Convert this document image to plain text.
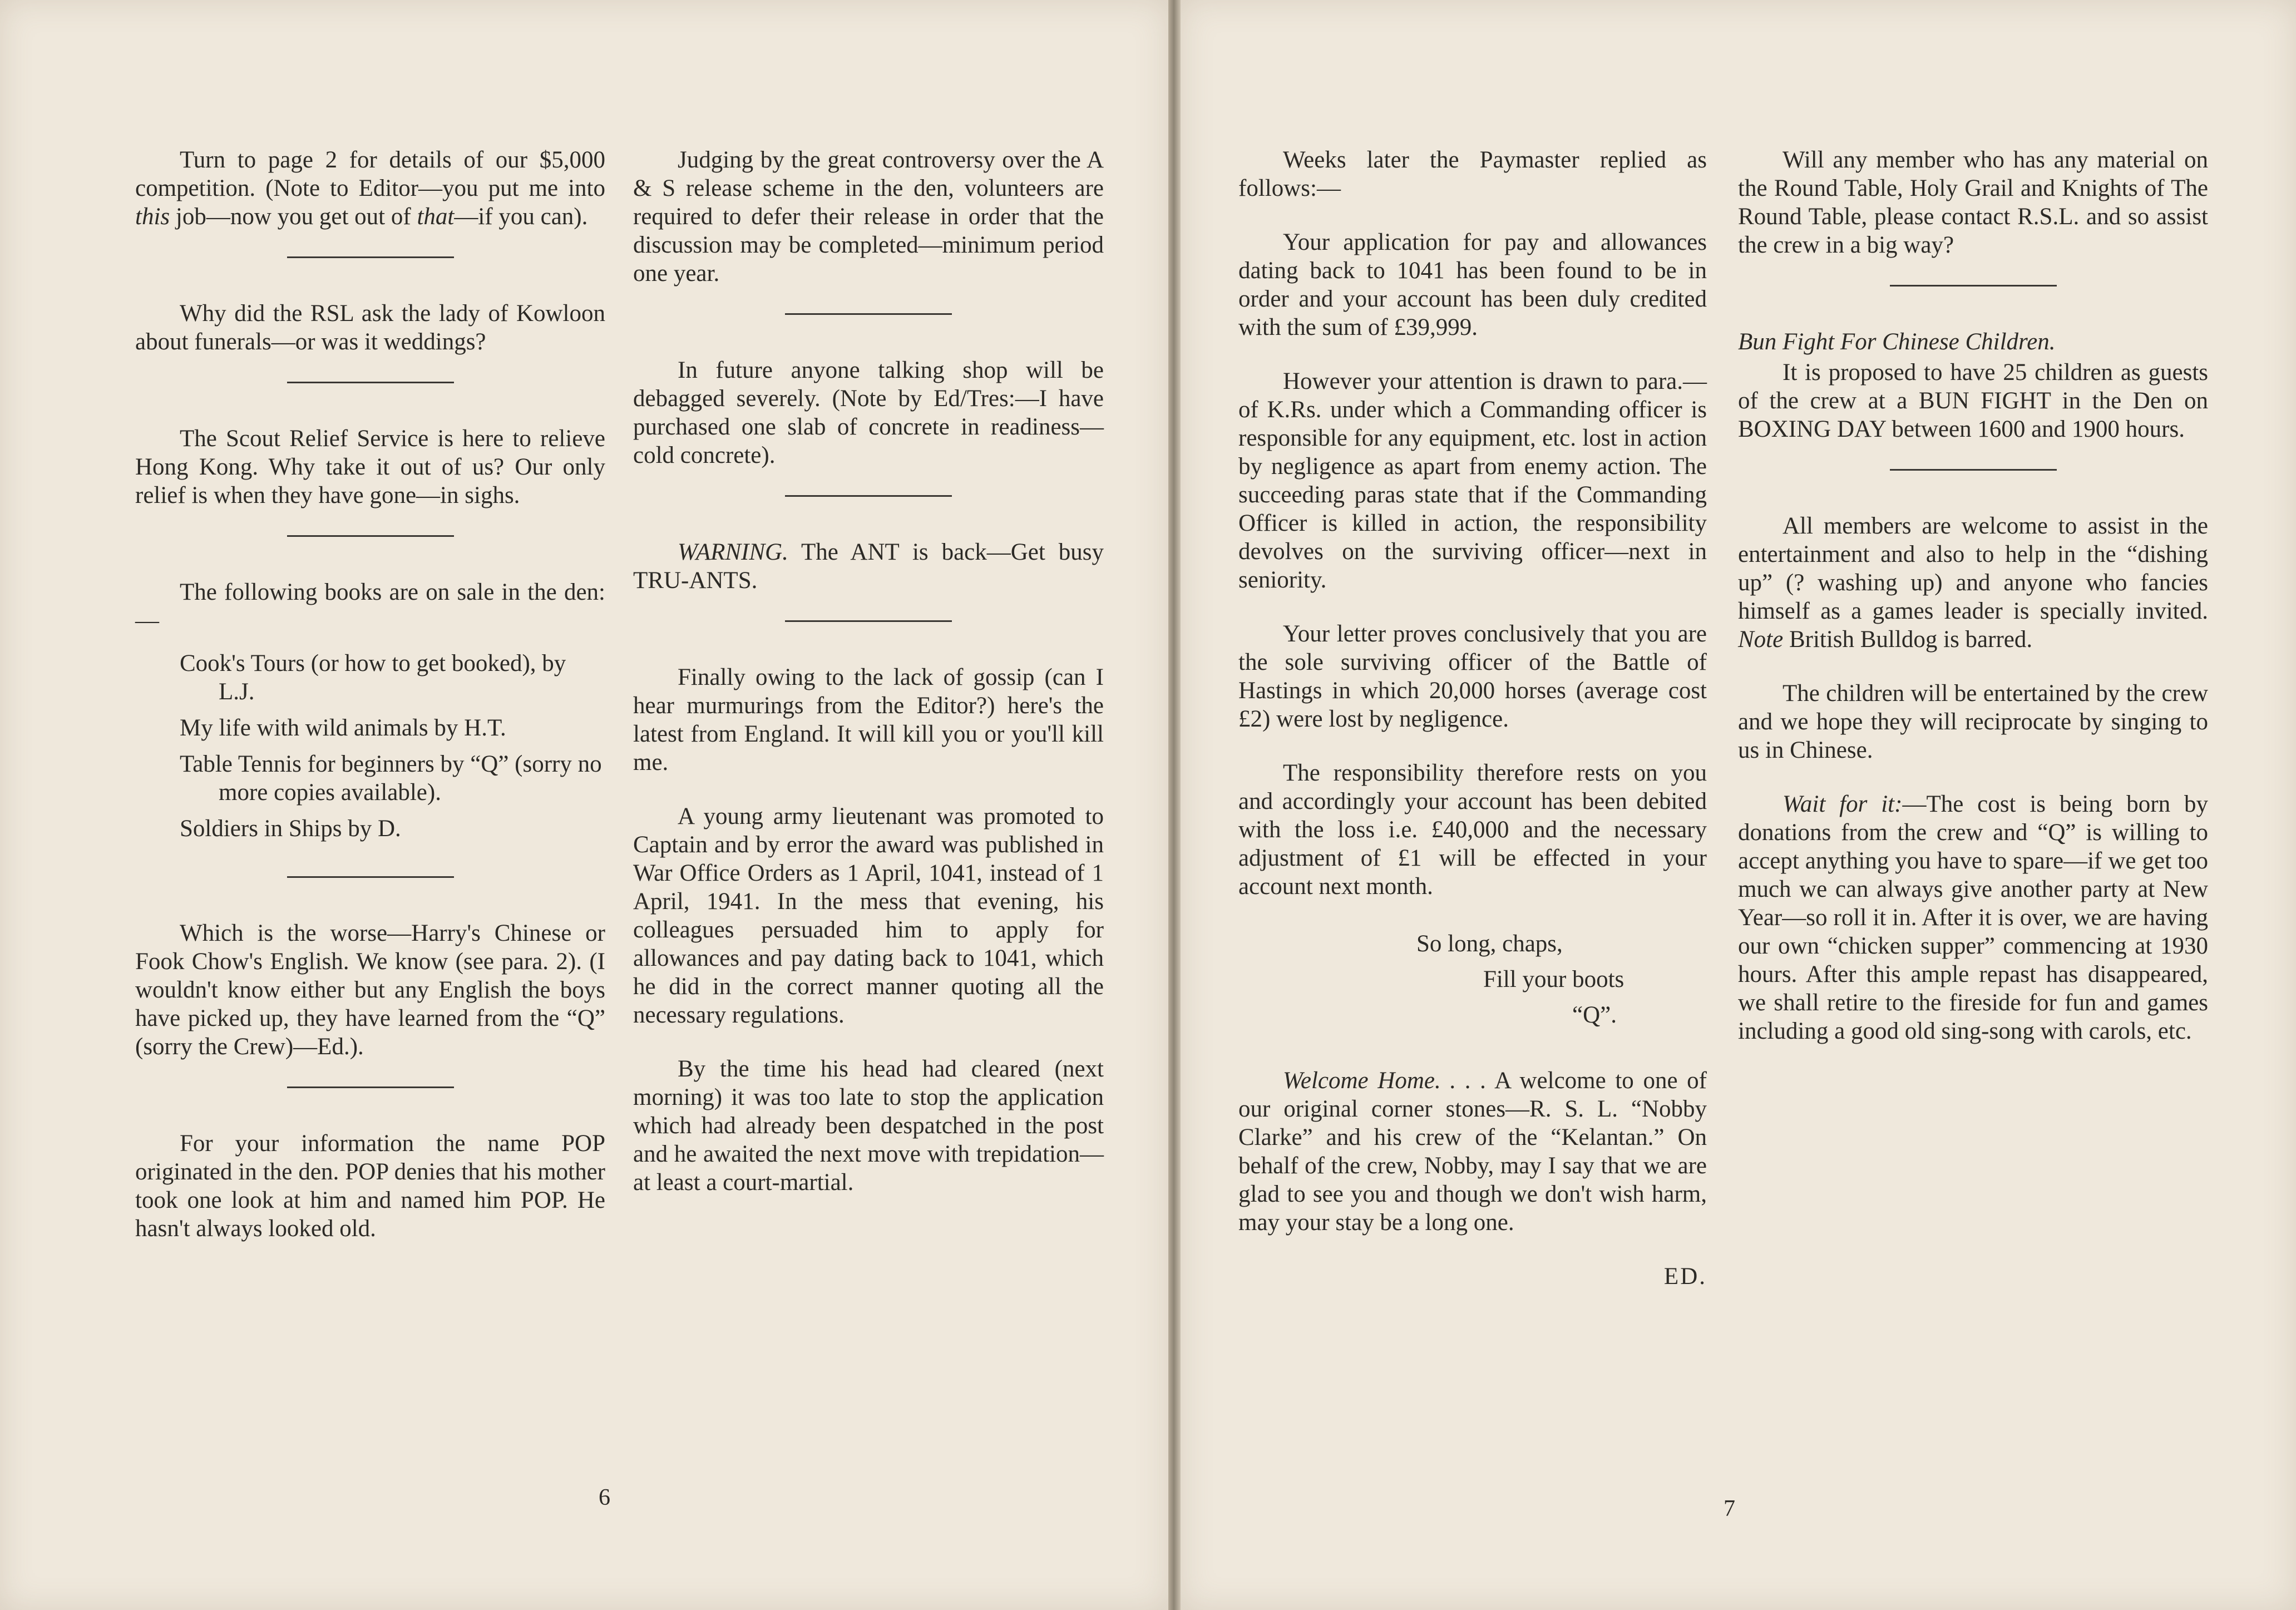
Turn to page 2 for details of our $5,000 competition. (Note to Editor—you put me into this job—now you get out of that—if you can).

Why did the RSL ask the lady of Kowloon about funerals—or was it weddings?

The Scout Relief Service is here to relieve Hong Kong. Why take it out of us? Our only relief is when they have gone—in sighs.

The following books are on sale in the den:—

Cook's Tours (or how to get booked), by L.J.
My life with wild animals by H.T.
Table Tennis for beginners by “Q” (sorry no more copies available).
Soldiers in Ships by D.

Which is the worse—Harry's Chinese or Fook Chow's English. We know (see para. 2). (I wouldn't know either but any English the boys have picked up, they have learned from the “Q” (sorry the Crew)—Ed.).

For your information the name POP originated in the den. POP denies that his mother took one look at him and named him POP. He hasn't always looked old.

Judging by the great controversy over the A & S release scheme in the den, volunteers are required to defer their release in order that the discussion may be completed—minimum period one year.

In future anyone talking shop will be debagged severely. (Note by Ed/Tres:—I have purchased one slab of concrete in readiness—cold concrete).

WARNING. The ANT is back—Get busy TRU-ANTS.

Finally owing to the lack of gossip (can I hear murmurings from the Editor?) here's the latest from England. It will kill you or you'll kill me.

A young army lieutenant was promoted to Captain and by error the award was published in War Office Orders as 1 April, 1041, instead of 1 April, 1941. In the mess that evening, his colleagues persuaded him to apply for allowances and pay dating back to 1041, which he did in the correct manner quoting all the necessary regulations.

By the time his head had cleared (next morning) it was too late to stop the application which had already been despatched in the post and he awaited the next move with trepidation—at least a court-martial.

6

Weeks later the Paymaster replied as follows:—

Your application for pay and allowances dating back to 1041 has been found to be in order and your account has been duly credited with the sum of £39,999.

However your attention is drawn to para.—of K.Rs. under which a Commanding officer is responsible for any equipment, etc. lost in action by negligence as apart from enemy action. The succeeding paras state that if the Commanding Officer is killed in action, the responsibility devolves on the surviving officer—next in seniority.

Your letter proves conclusively that you are the sole surviving officer of the Battle of Hastings in which 20,000 horses (average cost £2) were lost by negligence.

The responsibility therefore rests on you and accordingly your account has been debited with the loss i.e. £40,000 and the necessary adjustment of £1 will be effected in your account next month.

So long, chaps,
Fill your boots
“Q”.

Welcome Home. . . . A welcome to one of our original corner stones—R. S. L. “Nobby Clarke” and his crew of the “Kelantan.” On behalf of the crew, Nobby, may I say that we are glad to see you and though we don't wish harm, may your stay be a long one.

ED.

Will any member who has any material on the Round Table, Holy Grail and Knights of The Round Table, please contact R.S.L. and so assist the crew in a big way?

Bun Fight For Chinese Children.

It is proposed to have 25 children as guests of the crew at a BUN FIGHT in the Den on BOXING DAY between 1600 and 1900 hours.

All members are welcome to assist in the entertainment and also to help in the “dishing up” (? washing up) and anyone who fancies himself as a games leader is specially invited. Note British Bulldog is barred.

The children will be entertained by the crew and we hope they will reciprocate by singing to us in Chinese.

Wait for it:—The cost is being born by donations from the crew and “Q” is willing to accept anything you have to spare—if we get too much we can always give another party at New Year—so roll it in. After it is over, we are having our own “chicken supper” commencing at 1930 hours. After this ample repast has disappeared, we shall retire to the fireside for fun and games including a good old sing-song with carols, etc.

7
